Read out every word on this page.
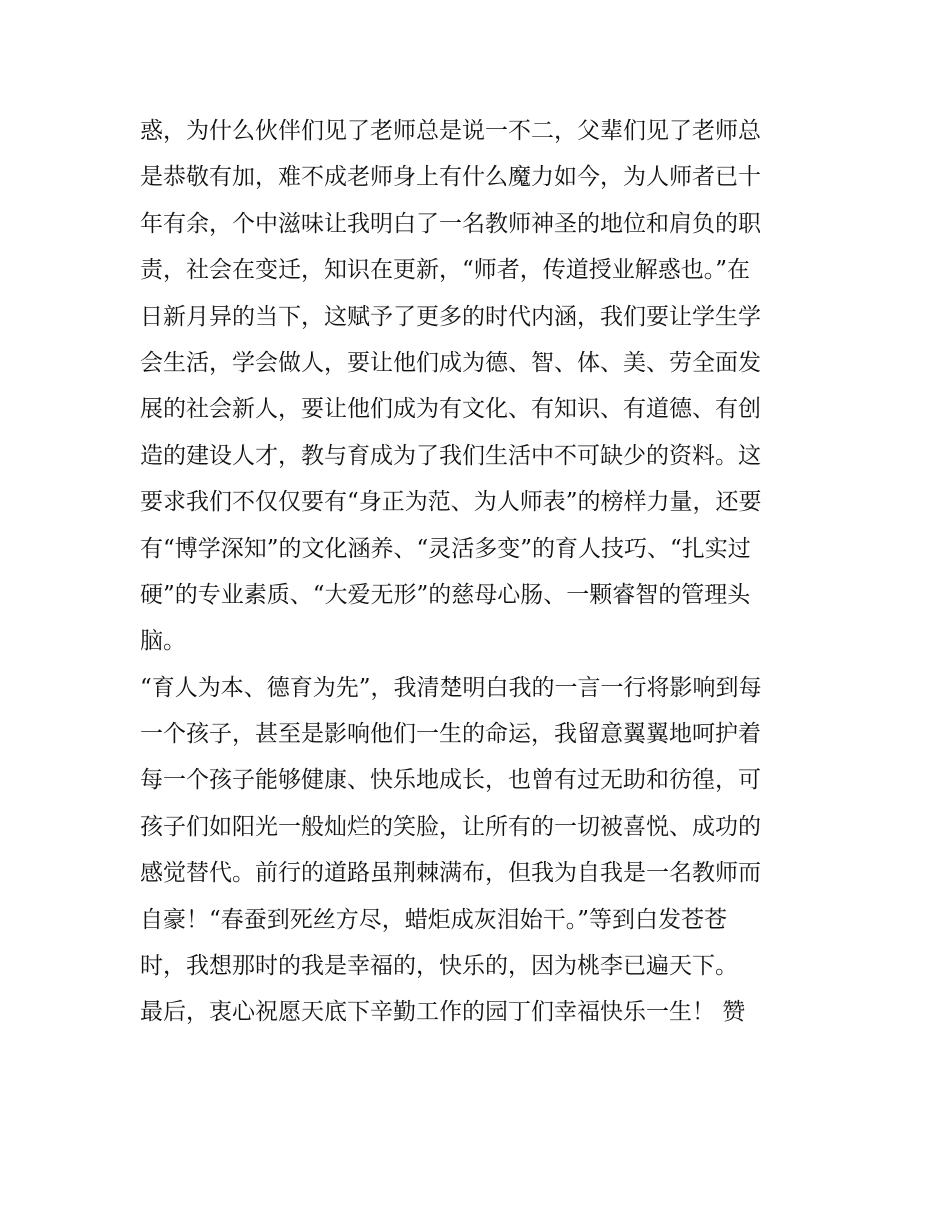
惑，为什么伙伴们见了老师总是说一不二，父辈们见了老师总
是恭敬有加，难不成老师身上有什么魔力如今，为人师者已十
年有余，个中滋味让我明白了一名教师神圣的地位和肩负的职
责，社会在变迁，知识在更新，“师者，传道授业解惑也。”在
日新月异的当下，这赋予了更多的时代内涵，我们要让学生学
会生活，学会做人，要让他们成为德、智、体、美、劳全面发
展的社会新人，要让他们成为有文化、有知识、有道德、有创
造的建设人才，教与育成为了我们生活中不可缺少的资料。这
要求我们不仅仅要有“身正为范、为人师表”的榜样力量，还要
有“博学深知”的文化涵养、“灵活多变”的育人技巧、“扎实过
硬”的专业素质、“大爱无形”的慈母心肠、一颗睿智的管理头
脑。
“育人为本、德育为先”，我清楚明白我的一言一行将影响到每
一个孩子，甚至是影响他们一生的命运，我留意翼翼地呵护着
每一个孩子能够健康、快乐地成长，也曾有过无助和彷徨，可
孩子们如阳光一般灿烂的笑脸，让所有的一切被喜悦、成功的
感觉替代。前行的道路虽荆棘满布，但我为自我是一名教师而
自豪！“春蚕到死丝方尽，蜡炬成灰泪始干。”等到白发苍苍
时，我想那时的我是幸福的，快乐的，因为桃李已遍天下。
最后，衷心祝愿天底下辛勤工作的园丁们幸福快乐一生！ 赞
